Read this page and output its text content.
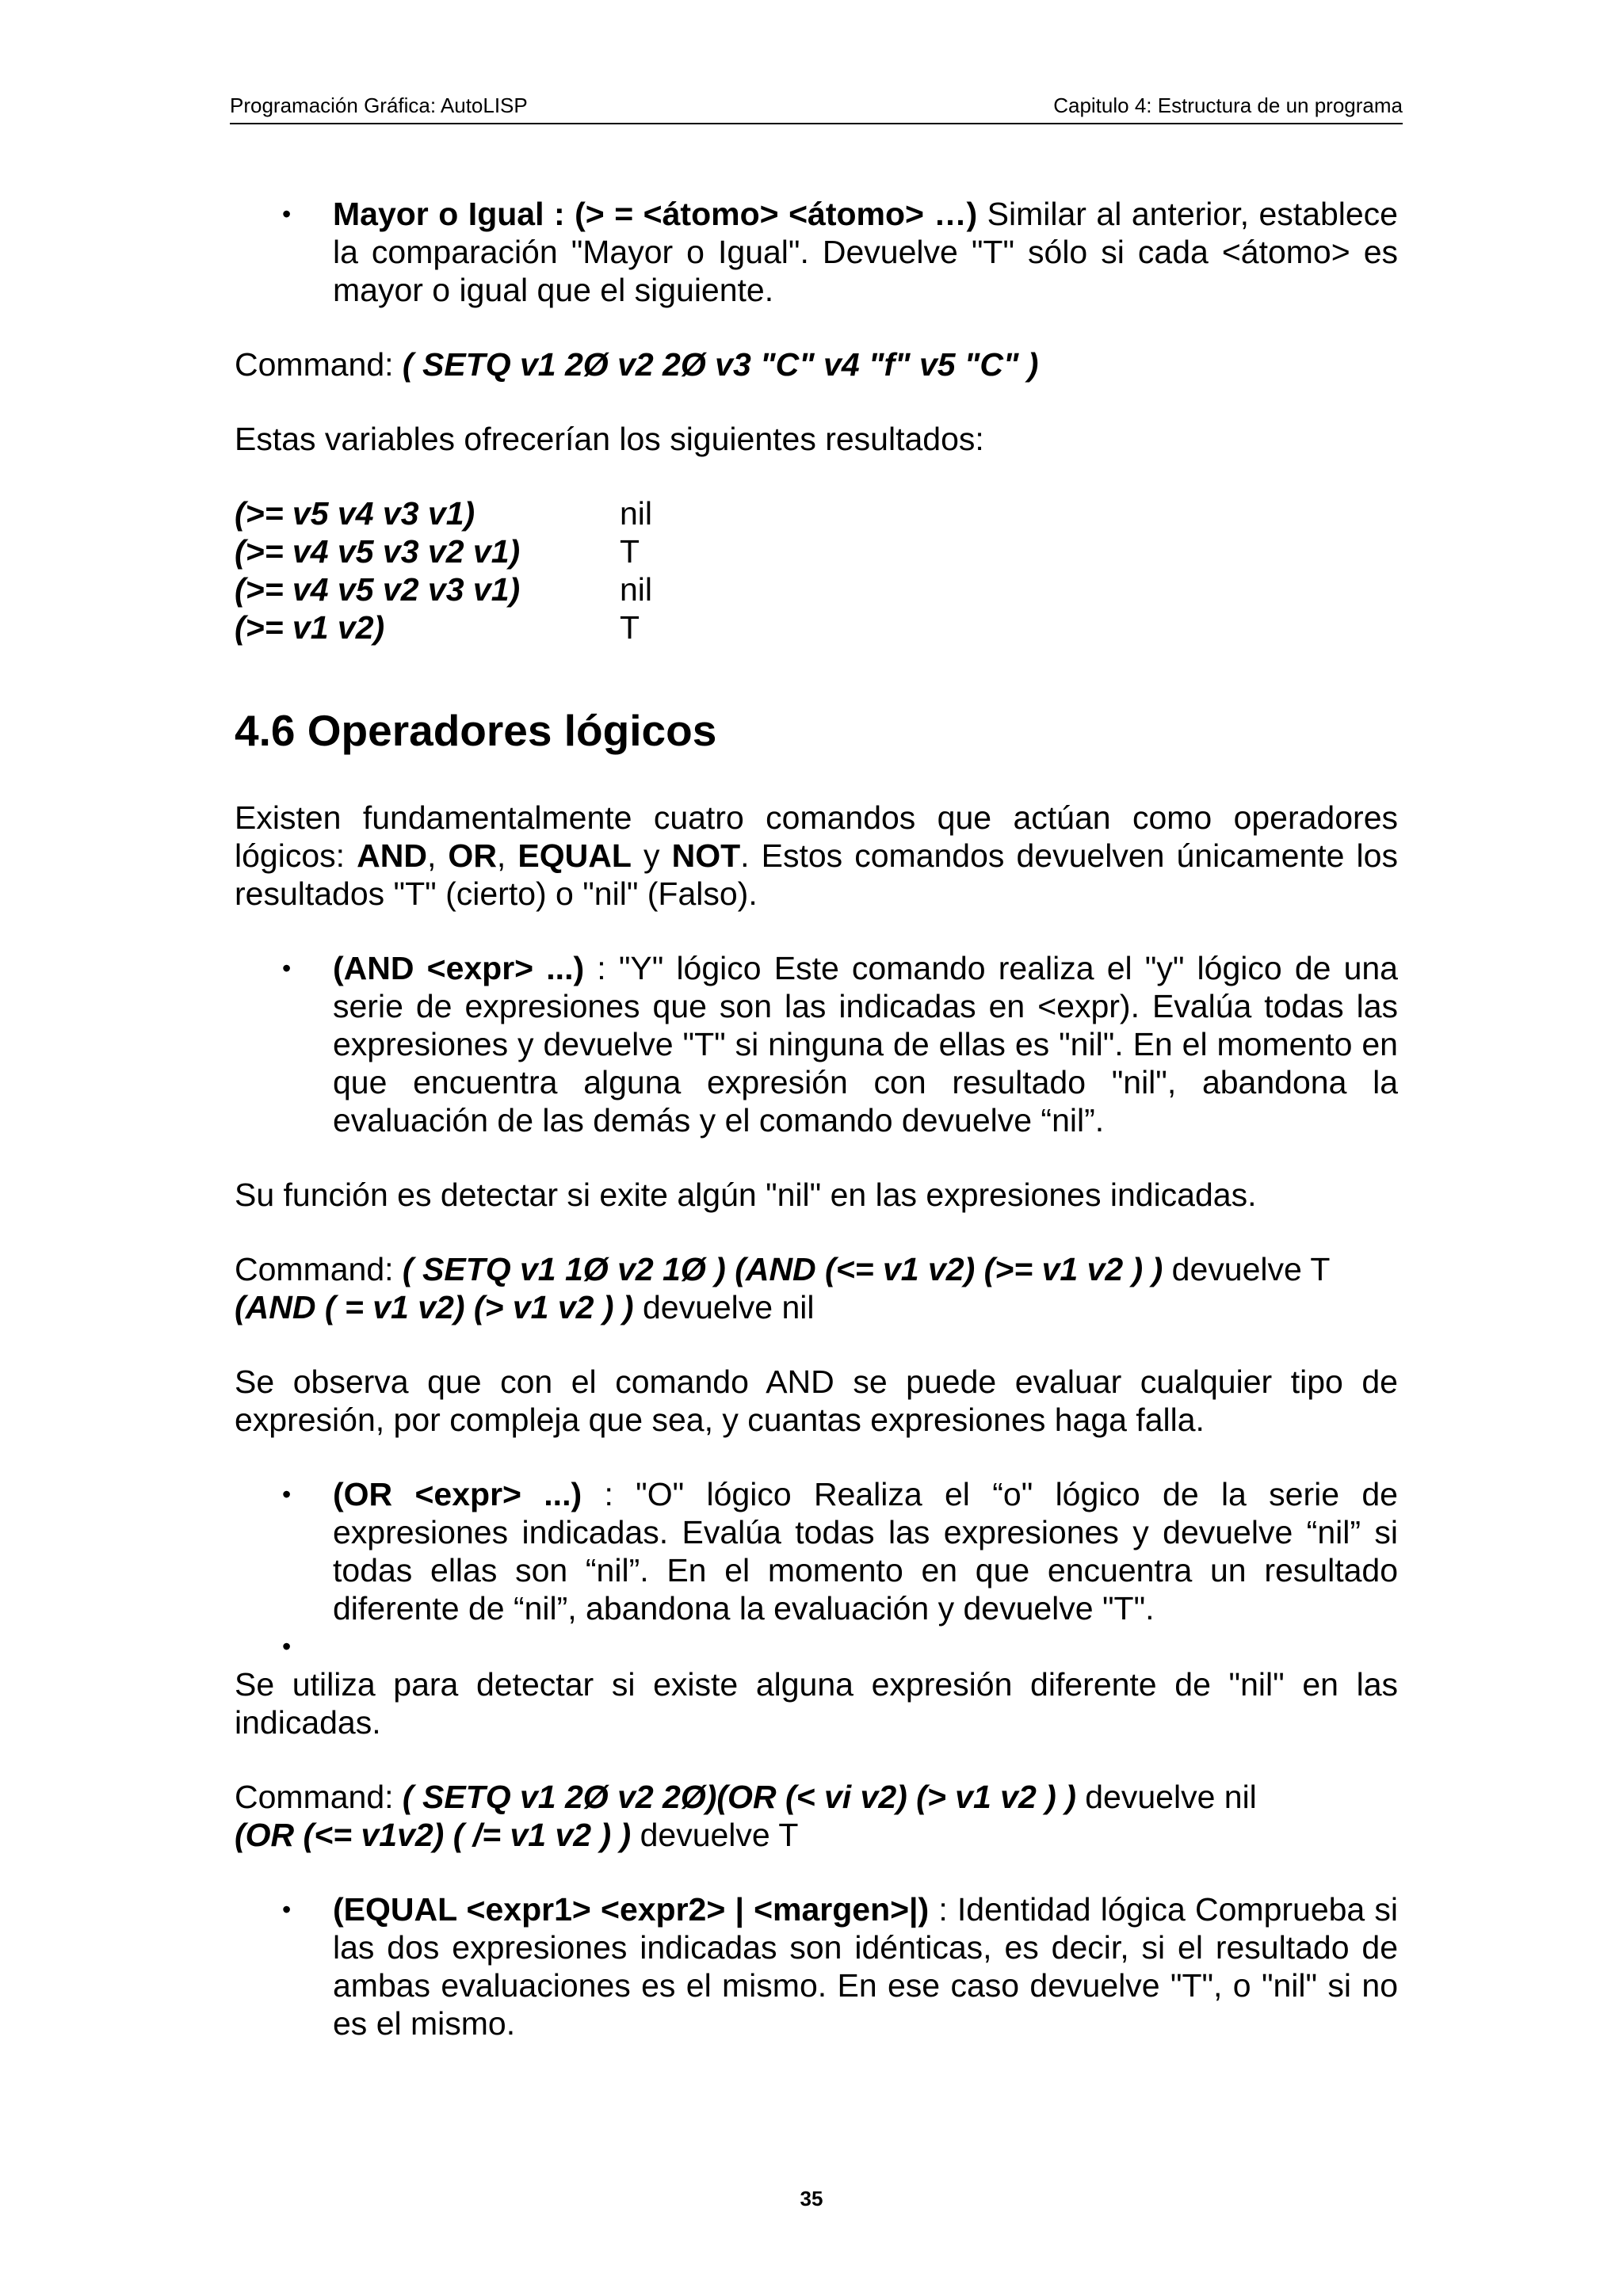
Programación Gráfica: AutoLISP	Capitulo 4: Estructura de un programa
• Mayor o Igual : (> = <átomo> <átomo> …) Similar al anterior, establece la comparación "Mayor o Igual". Devuelve "T" sólo si cada <átomo> es mayor o igual que el siguiente.

Command: ( SETQ v1 2Ø v2 2Ø v3 "C" v4 "f" v5 "C" )

Estas variables ofrecerían los siguientes resultados:

(>= v5 v4 v3 v1)	nil
(>= v4 v5 v3 v2 v1)	T
(>= v4 v5 v2 v3 v1)	nil
(>= v1 v2)	T
4.6 Operadores lógicos

Existen fundamentalmente cuatro comandos que actúan como operadores lógicos: AND, OR, EQUAL y NOT. Estos comandos devuelven únicamente los resultados "T" (cierto) o "nil" (Falso).

• (AND <expr> ...) : "Y" lógico Este comando realiza el "y" lógico de una serie de expresiones que son las indicadas en <expr). Evalúa todas las expresiones y devuelve "T" si ninguna de ellas es "nil". En el momento en que encuentra alguna expresión con resultado "nil", abandona la evaluación de las demás y el comando devuelve “nil”.

Su función es detectar si exite algún "nil" en las expresiones indicadas.

Command: ( SETQ v1 1Ø v2 1Ø ) (AND (<= v1 v2) (>= v1 v2 ) ) devuelve T
(AND ( = v1 v2) (> v1 v2 ) ) devuelve nil

Se observa que con el comando AND se puede evaluar cualquier tipo de expresión, por compleja que sea, y cuantas expresiones haga falla.

• (OR <expr> ...) : "O" lógico Realiza el “o" lógico de la serie de expresiones indicadas. Evalúa todas las expresiones y devuelve “nil” si todas ellas son “nil”. En el momento en que encuentra un resultado diferente de “nil”, abandona la evaluación y devuelve "T".
•

Se utiliza para detectar si existe alguna expresión diferente de "nil" en las indicadas.

Command: ( SETQ v1 2Ø v2 2Ø)(OR (< vi v2) (> v1 v2 ) ) devuelve nil
(OR (<= v1v2) ( /= v1 v2 ) ) devuelve T

• (EQUAL <expr1> <expr2> | <margen>|) : Identidad lógica Comprueba si las dos expresiones indicadas son idénticas, es decir, si el resultado de ambas evaluaciones es el mismo. En ese caso devuelve "T", o "nil" si no es el mismo.
35
